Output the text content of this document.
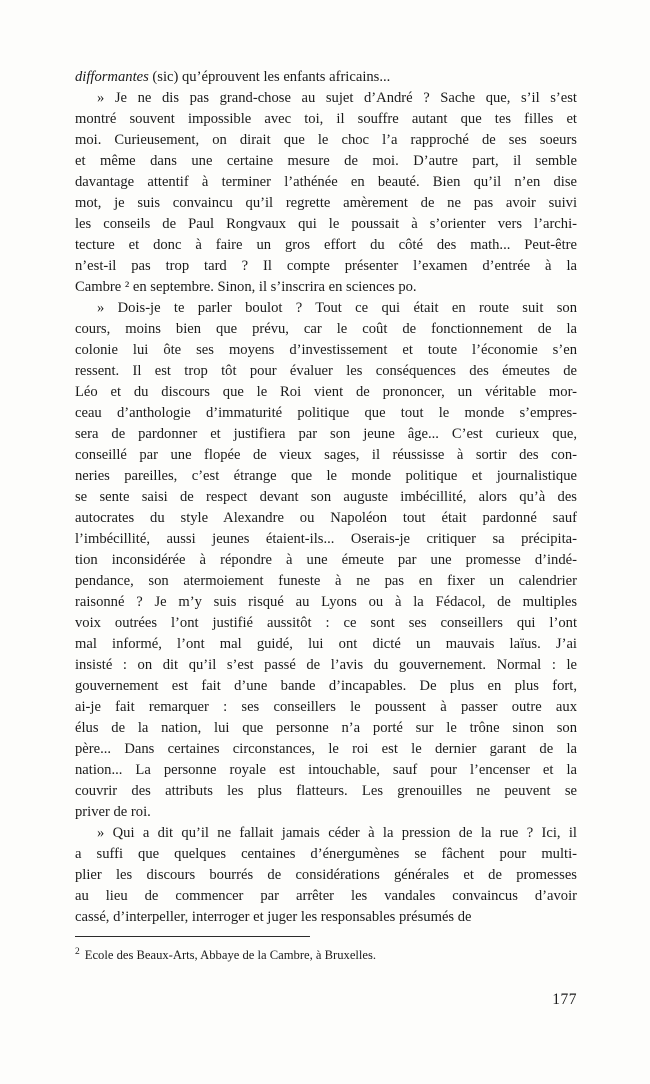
difformantes (sic) qu’éprouvent les enfants africains...
» Je ne dis pas grand-chose au sujet d’André ? Sache que, s’il s’est
montré souvent impossible avec toi, il souffre autant que tes filles et
moi. Curieusement, on dirait que le choc l’a rapproché de ses soeurs
et même dans une certaine mesure de moi. D’autre part, il semble
davantage attentif à terminer l’athénée en beauté. Bien qu’il n’en dise
mot, je suis convaincu qu’il regrette amèrement de ne pas avoir suivi
les conseils de Paul Rongvaux qui le poussait à s’orienter vers l’archi-
tecture et donc à faire un gros effort du côté des math... Peut-être
n’est-il pas trop tard ? Il compte présenter l’examen d’entrée à la
Cambre ² en septembre. Sinon, il s’inscrira en sciences po.
» Dois-je te parler boulot ? Tout ce qui était en route suit son
cours, moins bien que prévu, car le coût de fonctionnement de la
colonie lui ôte ses moyens d’investissement et toute l’économie s’en
ressent. Il est trop tôt pour évaluer les conséquences des émeutes de
Léo et du discours que le Roi vient de prononcer, un véritable mor-
ceau d’anthologie d’immaturité politique que tout le monde s’empres-
sera de pardonner et justifiera par son jeune âge... C’est curieux que,
conseillé par une flopée de vieux sages, il réussisse à sortir des con-
neries pareilles, c’est étrange que le monde politique et journalistique
se sente saisi de respect devant son auguste imbécillité, alors qu’à des
autocrates du style Alexandre ou Napoléon tout était pardonné sauf
l’imbécillité, aussi jeunes étaient-ils... Oserais-je critiquer sa précipita-
tion inconsidérée à répondre à une émeute par une promesse d’indé-
pendance, son atermoiement funeste à ne pas en fixer un calendrier
raisonné ? Je m’y suis risqué au Lyons ou à la Fédacol, de multiples
voix outrées l’ont justifié aussitôt : ce sont ses conseillers qui l’ont
mal informé, l’ont mal guidé, lui ont dicté un mauvais laïus. J’ai
insisté : on dit qu’il s’est passé de l’avis du gouvernement. Normal : le
gouvernement est fait d’une bande d’incapables. De plus en plus fort,
ai-je fait remarquer : ses conseillers le poussent à passer outre aux
élus de la nation, lui que personne n’a porté sur le trône sinon son
père... Dans certaines circonstances, le roi est le dernier garant de la
nation... La personne royale est intouchable, sauf pour l’encenser et la
couvrir des attributs les plus flatteurs. Les grenouilles ne peuvent se
priver de roi.
» Qui a dit qu’il ne fallait jamais céder à la pression de la rue ? Ici, il
a suffi que quelques centaines d’énergumènes se fâchent pour multi-
plier les discours bourrés de considérations générales et de promesses
au lieu de commencer par arrêter les vandales convaincus d’avoir
cassé, d’interpeller, interroger et juger les responsables présumés de
$^2$ Ecole des Beaux-Arts, Abbaye de la Cambre, à Bruxelles.
177
